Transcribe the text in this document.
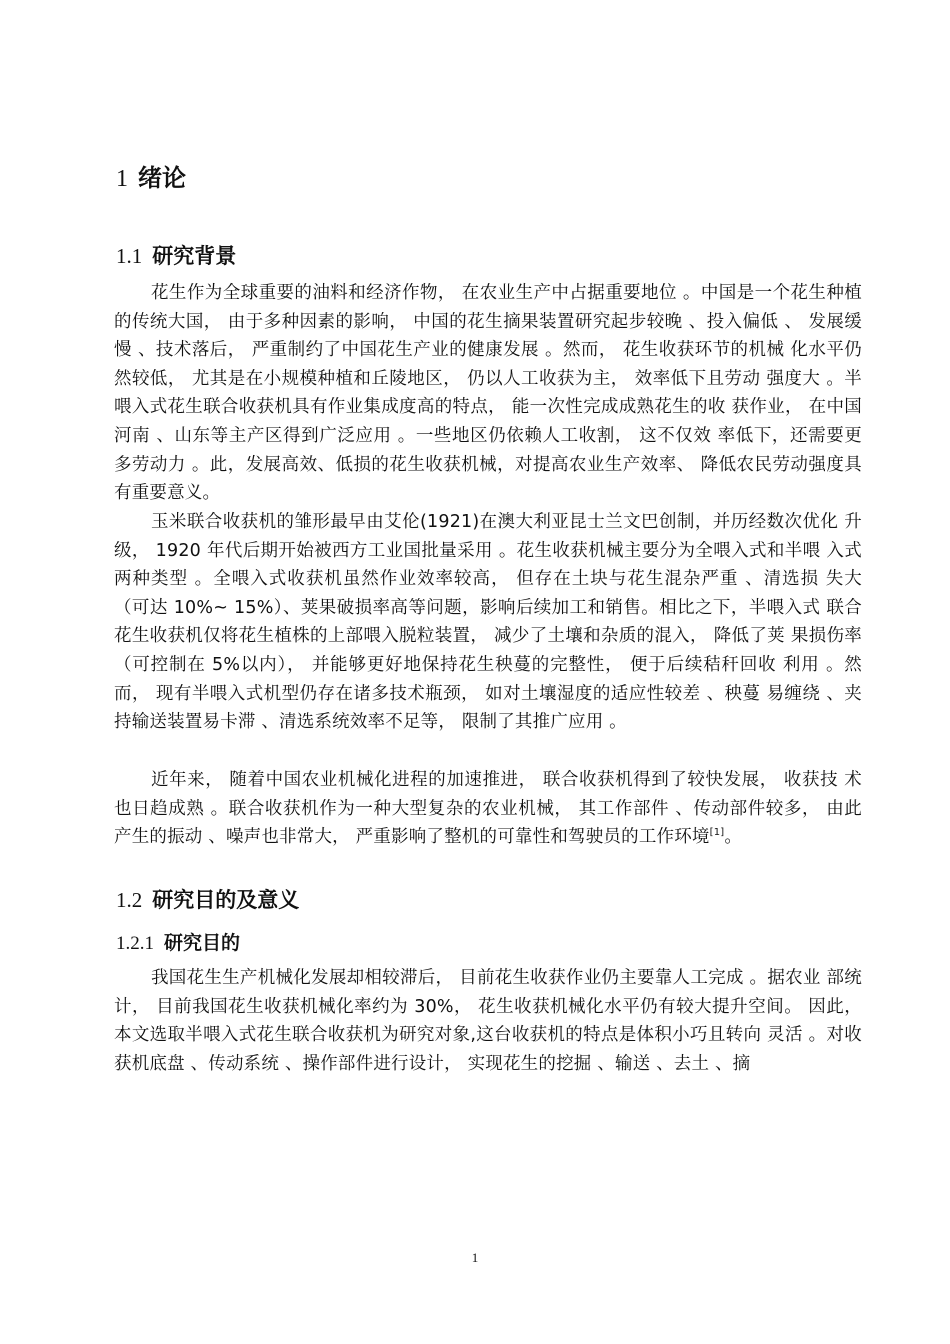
1 绪论
1.1 研究背景

花生作为全球重要的油料和经济作物， 在农业生产中占据重要地位 。中国是一个花生种植的传统大国， 由于多种因素的影响， 中国的花生摘果装置研究起步较晚 、投入偏低 、 发展缓慢 、技术落后， 严重制约了中国花生产业的健康发展 。然而， 花生收获环节的机械 化水平仍然较低， 尤其是在小规模种植和丘陵地区， 仍以人工收获为主， 效率低下且劳动 强度大 。半喂入式花生联合收获机具有作业集成度高的特点， 能一次性完成成熟花生的收 获作业， 在中国河南 、山东等主产区得到广泛应用 。一些地区仍依赖人工收割， 这不仅效 率低下，还需要更多劳动力 。此，发展高效、低损的花生收获机械，对提高农业生产效率、 降低农民劳动强度具有重要意义。

玉米联合收获机的雏形最早由艾伦(1921)在澳大利亚昆士兰文巴创制，并历经数次优化 升级， 1920 年代后期开始被西方工业国批量采用 。花生收获机械主要分为全喂入式和半喂 入式两种类型 。全喂入式收获机虽然作业效率较高， 但存在土块与花生混杂严重 、清选损 失大（可达 10%~ 15%）、荚果破损率高等问题，影响后续加工和销售。相比之下，半喂入式 联合花生收获机仅将花生植株的上部喂入脱粒装置， 减少了土壤和杂质的混入， 降低了荚 果损伤率（可控制在 5%以内）， 并能够更好地保持花生秧蔓的完整性， 便于后续秸秆回收 利用 。然而， 现有半喂入式机型仍存在诸多技术瓶颈， 如对土壤湿度的适应性较差 、秧蔓 易缠绕 、夹持输送装置易卡滞 、清选系统效率不足等， 限制了其推广应用 。

近年来， 随着中国农业机械化进程的加速推进， 联合收获机得到了较快发展， 收获技 术也日趋成熟 。联合收获机作为一种大型复杂的农业机械， 其工作部件 、传动部件较多， 由此产生的振动 、噪声也非常大， 严重影响了整机的可靠性和驾驶员的工作环境[1]。

1.2 研究目的及意义
1.2.1 研究目的

我国花生生产机械化发展却相较滞后， 目前花生收获作业仍主要靠人工完成 。据农业 部统计， 目前我国花生收获机械化率约为 30%， 花生收获机械化水平仍有较大提升空间。 因此，本文选取半喂入式花生联合收获机为研究对象,这台收获机的特点是体积小巧且转向 灵活 。对收获机底盘 、传动系统 、操作部件进行设计， 实现花生的挖掘 、输送 、去土 、摘

1
